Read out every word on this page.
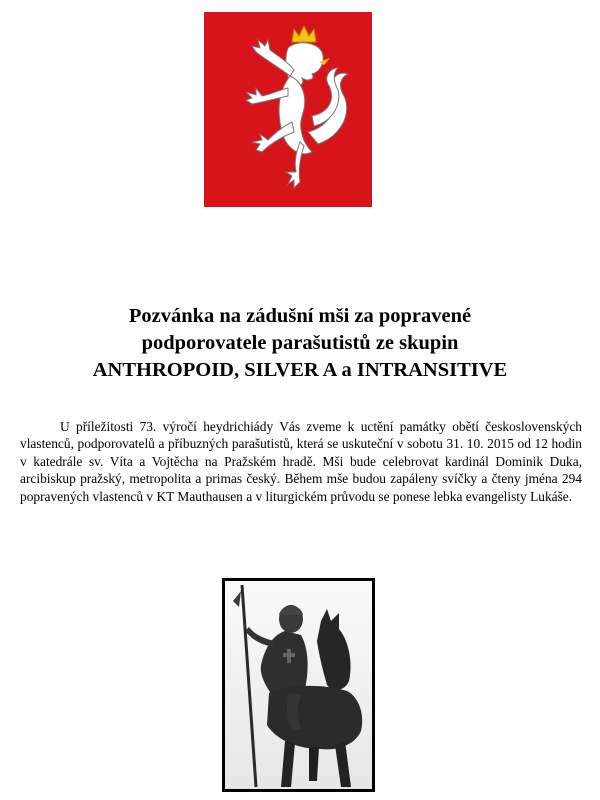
Pozvánka na zádušní mši za popravené
podporovatele parašutistů ze skupin
ANTHROPOID, SILVER A a INTRANSITIVE
U příležitosti 73. výročí heydrichiády Vás zveme k uctění památky obětí československých vlastenců, podporovatelů a příbuzných parašutistů, která se uskuteční v sobotu 31. 10. 2015 od 12 hodin v katedrále sv. Víta a Vojtěcha na Pražském hradě. Mši bude celebrovat kardinál Dominik Duka, arcibiskup pražský, metropolita a primas český. Během mše budou zapáleny svíčky a čteny jména 294 popravených vlastenců v KT Mauthausen a v liturgickém průvodu se ponese lebka evangelisty Lukáše.
